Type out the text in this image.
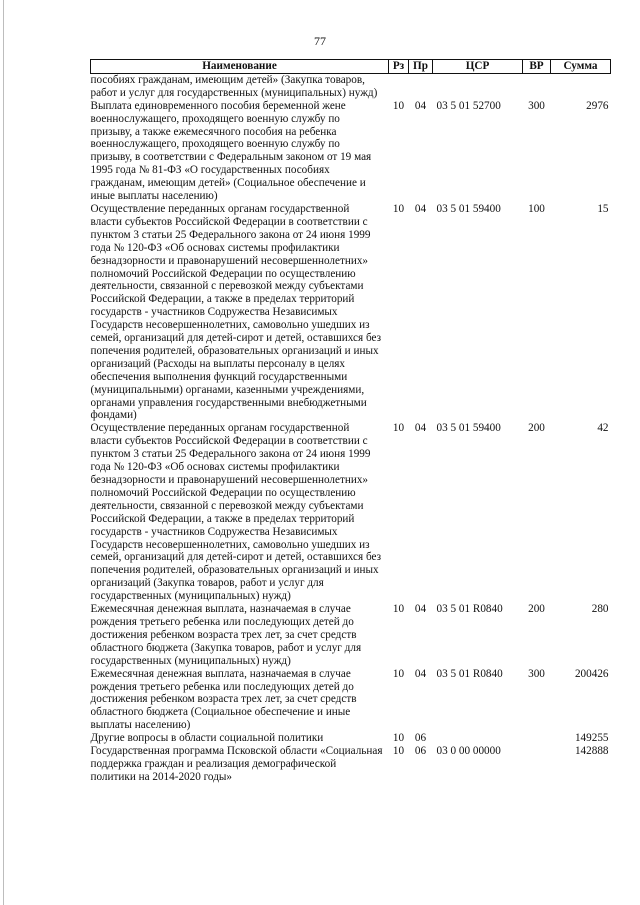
77
Наименование	Рз	Пр	ЦСР	ВР	Сумма
пособиях гражданам, имеющим детей» (Закупка товаров, работ и услуг для государственных (муниципальных) нужд)					
Выплата единовременного пособия беременной жене военнослужащего, проходящего военную службу по призыву, а также ежемесячного пособия на ребенка военнослужащего, проходящего военную службу по призыву, в соответствии с Федеральным законом от 19 мая 1995 года № 81-ФЗ «О государственных пособиях гражданам, имеющим детей» (Социальное обеспечение и иные выплаты населению)	10	04	03 5 01 52700	300	2976
Осуществление переданных органам государственной власти субъектов Российской Федерации в соответствии с пунктом 3 статьи 25 Федерального закона от 24 июня 1999 года № 120-ФЗ «Об основах системы профилактики безнадзорности и правонарушений несовершеннолетних» полномочий Российской Федерации по осуществлению деятельности, связанной с перевозкой между субъектами Российской Федерации, а также в пределах территорий государств - участников Содружества Независимых Государств несовершеннолетних, самовольно ушедших из семей, организаций для детей-сирот и детей, оставшихся без попечения родителей, образовательных организаций и иных организаций (Расходы на выплаты персоналу в целях обеспечения выполнения функций государственными (муниципальными) органами, казенными учреждениями, органами управления государственными внебюджетными фондами)	10	04	03 5 01 59400	100	15
Осуществление переданных органам государственной власти субъектов Российской Федерации в соответствии с пунктом 3 статьи 25 Федерального закона от 24 июня 1999 года № 120-ФЗ «Об основах системы профилактики безнадзорности и правонарушений несовершеннолетних» полномочий Российской Федерации по осуществлению деятельности, связанной с перевозкой между субъектами Российской Федерации, а также в пределах территорий государств - участников Содружества Независимых Государств несовершеннолетних, самовольно ушедших из семей, организаций для детей-сирот и детей, оставшихся без попечения родителей, образовательных организаций и иных организаций (Закупка товаров, работ и услуг для государственных (муниципальных) нужд)	10	04	03 5 01 59400	200	42
Ежемесячная денежная выплата, назначаемая в случае рождения третьего ребенка или последующих детей до достижения ребенком возраста трех лет, за счет средств областного бюджета (Закупка товаров, работ и услуг для государственных (муниципальных) нужд)	10	04	03 5 01 R0840	200	280
Ежемесячная денежная выплата, назначаемая в случае рождения третьего ребенка или последующих детей до достижения ребенком возраста трех лет, за счет средств областного бюджета (Социальное обеспечение и иные выплаты населению)	10	04	03 5 01 R0840	300	200426
Другие вопросы в области социальной политики	10	06			149255
Государственная программа Псковской области «Социальная поддержка граждан и реализация демографической политики на 2014-2020 годы»	10	06	03 0 00 00000		142888
